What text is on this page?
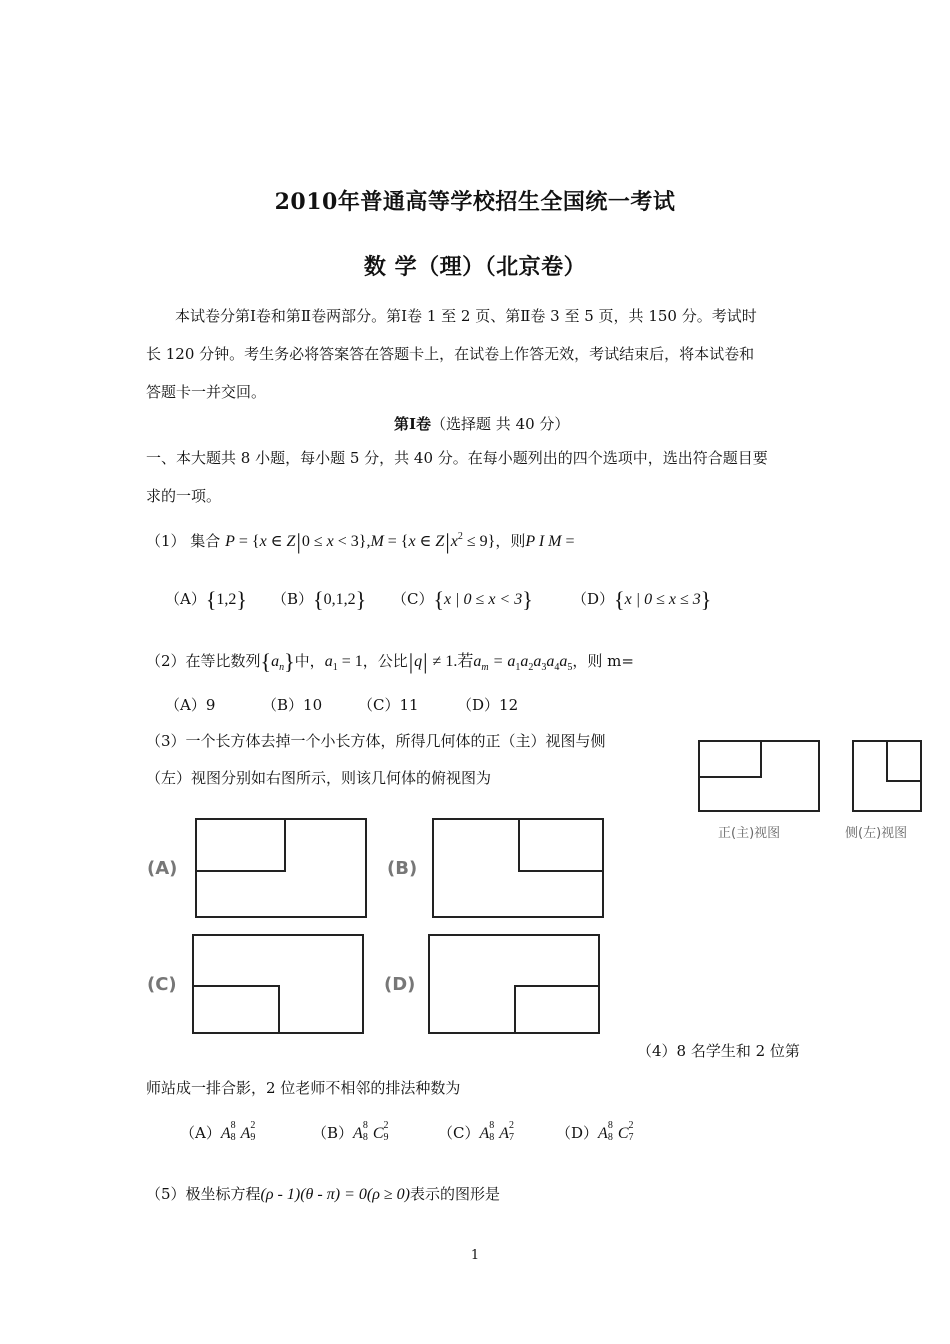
2010年普通高等学校招生全国统一考试
数 学（理）（北京卷）
本试卷分第Ⅰ卷和第Ⅱ卷两部分。第Ⅰ卷 1 至 2 页、第Ⅱ卷 3 至 5 页，共 150 分。考试时
长 120 分钟。考生务必将答案答在答题卡上，在试卷上作答无效，考试结束后，将本试卷和
答题卡一并交回。
第Ⅰ卷（选择题 共 40 分）
一、本大题共 8 小题，每小题 5 分，共 40 分。在每小题列出的四个选项中，选出符合题目要
求的一项。
（1） 集合 P = {x ∈ Z|0 ≤ x < 3},M = {x ∈ $Z|x^2 \le 9$}，则P Ι M =
（A）{1,2} （B）{0,1,2} （C）{x | 0 ≤ x < 3}	（D）{x | 0 ≤ x ≤ 3}
（2）在等比数列$\{a_n\}$中，$a_1 = 1$，公比|q| ≠ 1.若$a_m = a_1a_2a_3a_4a_5$，则 m=
（A）9	（B）10 （C）11	（D）12
（3）一个长方体去掉一个小长方体，所得几何体的正（主）视图与侧
（左）视图分别如右图所示，则该几何体的俯视图为
正(主)视图	侧(左)视图
(A)	(B)
(C)	(D)
（4）8 名学生和 2 位第
师站成一排合影，2 位老师不相邻的排法种数为
（A）A 8
8 A 2
9	（B）A 8
8 C 2
9	（C）A 8
8 A 2
7	（D）A 8
8 C 2
7
（5）极坐标方程(ρ - 1)(θ - π) = 0(ρ ≥ 0)表示的图形是
1
